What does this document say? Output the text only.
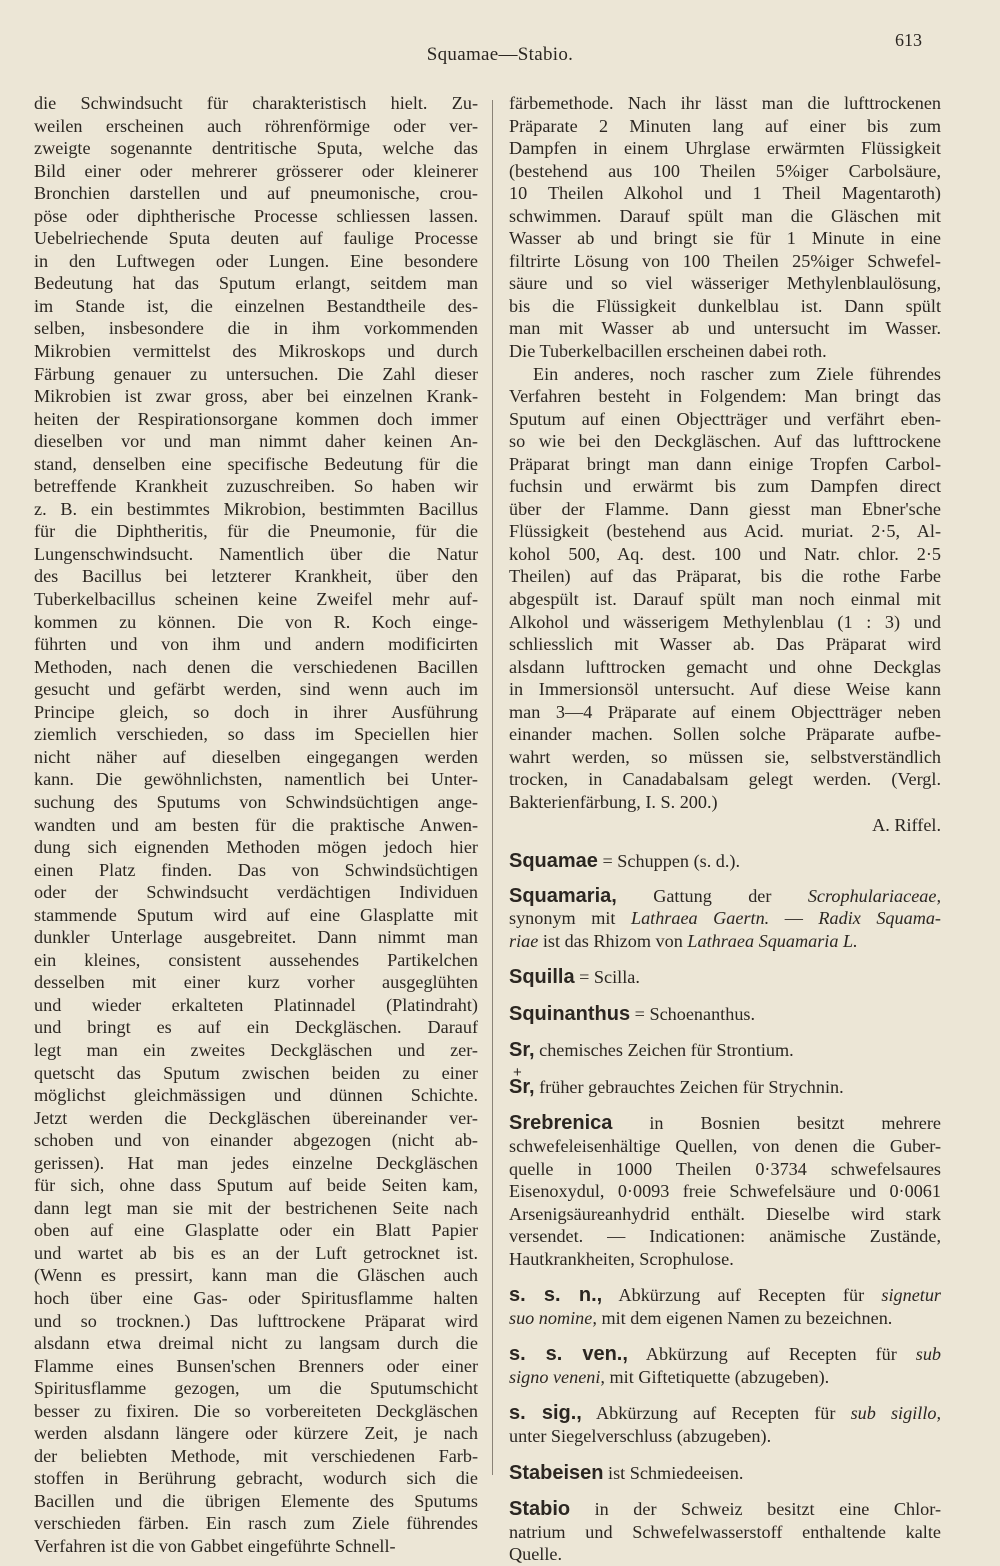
Squamae—Stabio.
613
die Schwindsucht für charakteristisch hielt. Zu-
weilen erscheinen auch röhrenförmige oder ver-
zweigte sogenannte dentritische Sputa, welche das
Bild einer oder mehrerer grösserer oder kleinerer
Bronchien darstellen und auf pneumonische, crou-
pöse oder diphtherische Processe schliessen lassen.
Uebelriechende Sputa deuten auf faulige Processe
in den Luftwegen oder Lungen. Eine besondere
Bedeutung hat das Sputum erlangt, seitdem man
im Stande ist, die einzelnen Bestandtheile des-
selben, insbesondere die in ihm vorkommenden
Mikrobien vermittelst des Mikroskops und durch
Färbung genauer zu untersuchen. Die Zahl dieser
Mikrobien ist zwar gross, aber bei einzelnen Krank-
heiten der Respirationsorgane kommen doch immer
dieselben vor und man nimmt daher keinen An-
stand, denselben eine specifische Bedeutung für die
betreffende Krankheit zuzuschreiben. So haben wir
z. B. ein bestimmtes Mikrobion, bestimmten Bacillus
für die Diphtheritis, für die Pneumonie, für die
Lungenschwindsucht. Namentlich über die Natur
des Bacillus bei letzterer Krankheit, über den
Tuberkelbacillus scheinen keine Zweifel mehr auf-
kommen zu können. Die von R. Koch einge-
führten und von ihm und andern modificirten
Methoden, nach denen die verschiedenen Bacillen
gesucht und gefärbt werden, sind wenn auch im
Principe gleich, so doch in ihrer Ausführung
ziemlich verschieden, so dass im Speciellen hier
nicht näher auf dieselben eingegangen werden
kann. Die gewöhnlichsten, namentlich bei Unter-
suchung des Sputums von Schwindsüchtigen ange-
wandten und am besten für die praktische Anwen-
dung sich eignenden Methoden mögen jedoch hier
einen Platz finden. Das von Schwindsüchtigen
oder der Schwindsucht verdächtigen Individuen
stammende Sputum wird auf eine Glasplatte mit
dunkler Unterlage ausgebreitet. Dann nimmt man
ein kleines, consistent aussehendes Partikelchen
desselben mit einer kurz vorher ausgeglühten
und wieder erkalteten Platinnadel (Platindraht)
und bringt es auf ein Deckgläschen. Darauf
legt man ein zweites Deckgläschen und zer-
quetscht das Sputum zwischen beiden zu einer
möglichst gleichmässigen und dünnen Schichte.
Jetzt werden die Deckgläschen übereinander ver-
schoben und von einander abgezogen (nicht ab-
gerissen). Hat man jedes einzelne Deckgläschen
für sich, ohne dass Sputum auf beide Seiten kam,
dann legt man sie mit der bestrichenen Seite nach
oben auf eine Glasplatte oder ein Blatt Papier
und wartet ab bis es an der Luft getrocknet ist.
(Wenn es pressirt, kann man die Gläschen auch
hoch über eine Gas- oder Spiritusflamme halten
und so trocknen.) Das lufttrockene Präparat wird
alsdann etwa dreimal nicht zu langsam durch die
Flamme eines Bunsen'schen Brenners oder einer
Spiritusflamme gezogen, um die Sputumschicht
besser zu fixiren. Die so vorbereiteten Deckgläschen
werden alsdann längere oder kürzere Zeit, je nach
der beliebten Methode, mit verschiedenen Farb-
stoffen in Berührung gebracht, wodurch sich die
Bacillen und die übrigen Elemente des Sputums
verschieden färben. Ein rasch zum Ziele führendes
Verfahren ist die von Gabbet eingeführte Schnell-
färbemethode. Nach ihr lässt man die lufttrockenen
Präparate 2 Minuten lang auf einer bis zum
Dampfen in einem Uhrglase erwärmten Flüssigkeit
(bestehend aus 100 Theilen 5%iger Carbolsäure,
10 Theilen Alkohol und 1 Theil Magentaroth)
schwimmen. Darauf spült man die Gläschen mit
Wasser ab und bringt sie für 1 Minute in eine
filtrirte Lösung von 100 Theilen 25%iger Schwefel-
säure und so viel wässeriger Methylenblaulösung,
bis die Flüssigkeit dunkelblau ist. Dann spült
man mit Wasser ab und untersucht im Wasser.
Die Tuberkelbacillen erscheinen dabei roth.
Ein anderes, noch rascher zum Ziele führendes
Verfahren besteht in Folgendem: Man bringt das
Sputum auf einen Objectträger und verfährt eben-
so wie bei den Deckgläschen. Auf das lufttrockene
Präparat bringt man dann einige Tropfen Carbol-
fuchsin und erwärmt bis zum Dampfen direct
über der Flamme. Dann giesst man Ebner'sche
Flüssigkeit (bestehend aus Acid. muriat. 2·5, Al-
kohol 500, Aq. dest. 100 und Natr. chlor. 2·5
Theilen) auf das Präparat, bis die rothe Farbe
abgespült ist. Darauf spült man noch einmal mit
Alkohol und wässerigem Methylenblau (1 : 3) und
schliesslich mit Wasser ab. Das Präparat wird
alsdann lufttrocken gemacht und ohne Deckglas
in Immersionsöl untersucht. Auf diese Weise kann
man 3—4 Präparate auf einem Objectträger neben
einander machen. Sollen solche Präparate aufbe-
wahrt werden, so müssen sie, selbstverständlich
trocken, in Canadabalsam gelegt werden. (Vergl.
Bakterienfärbung, I. S. 200.)
A. Riffel.
Squamae = Schuppen (s. d.).
Squamaria, Gattung der Scrophulariaceae,
synonym mit Lathraea Gaertn. — Radix Squama-
riae ist das Rhizom von Lathraea Squamaria L.
Squilla = Scilla.
Squinanthus = Schoenanthus.
Sr, chemisches Zeichen für Strontium.
+
Sr, früher gebrauchtes Zeichen für Strychnin.
Srebrenica in Bosnien besitzt mehrere
schwefeleisenhältige Quellen, von denen die Guber-
quelle in 1000 Theilen 0·3734 schwefelsaures
Eisenoxydul, 0·0093 freie Schwefelsäure und 0·0061
Arsenigsäureanhydrid enthält. Dieselbe wird stark
versendet. — Indicationen: anämische Zustände,
Hautkrankheiten, Scrophulose.
s. s. n., Abkürzung auf Recepten für signetur
suo nomine, mit dem eigenen Namen zu bezeichnen.
s. s. ven., Abkürzung auf Recepten für sub
signo veneni, mit Giftetiquette (abzugeben).
s. sig., Abkürzung auf Recepten für sub sigillo,
unter Siegelverschluss (abzugeben).
Stabeisen ist Schmiedeeisen.
Stabio in der Schweiz besitzt eine Chlor-
natrium und Schwefelwasserstoff enthaltende kalte
Quelle.
